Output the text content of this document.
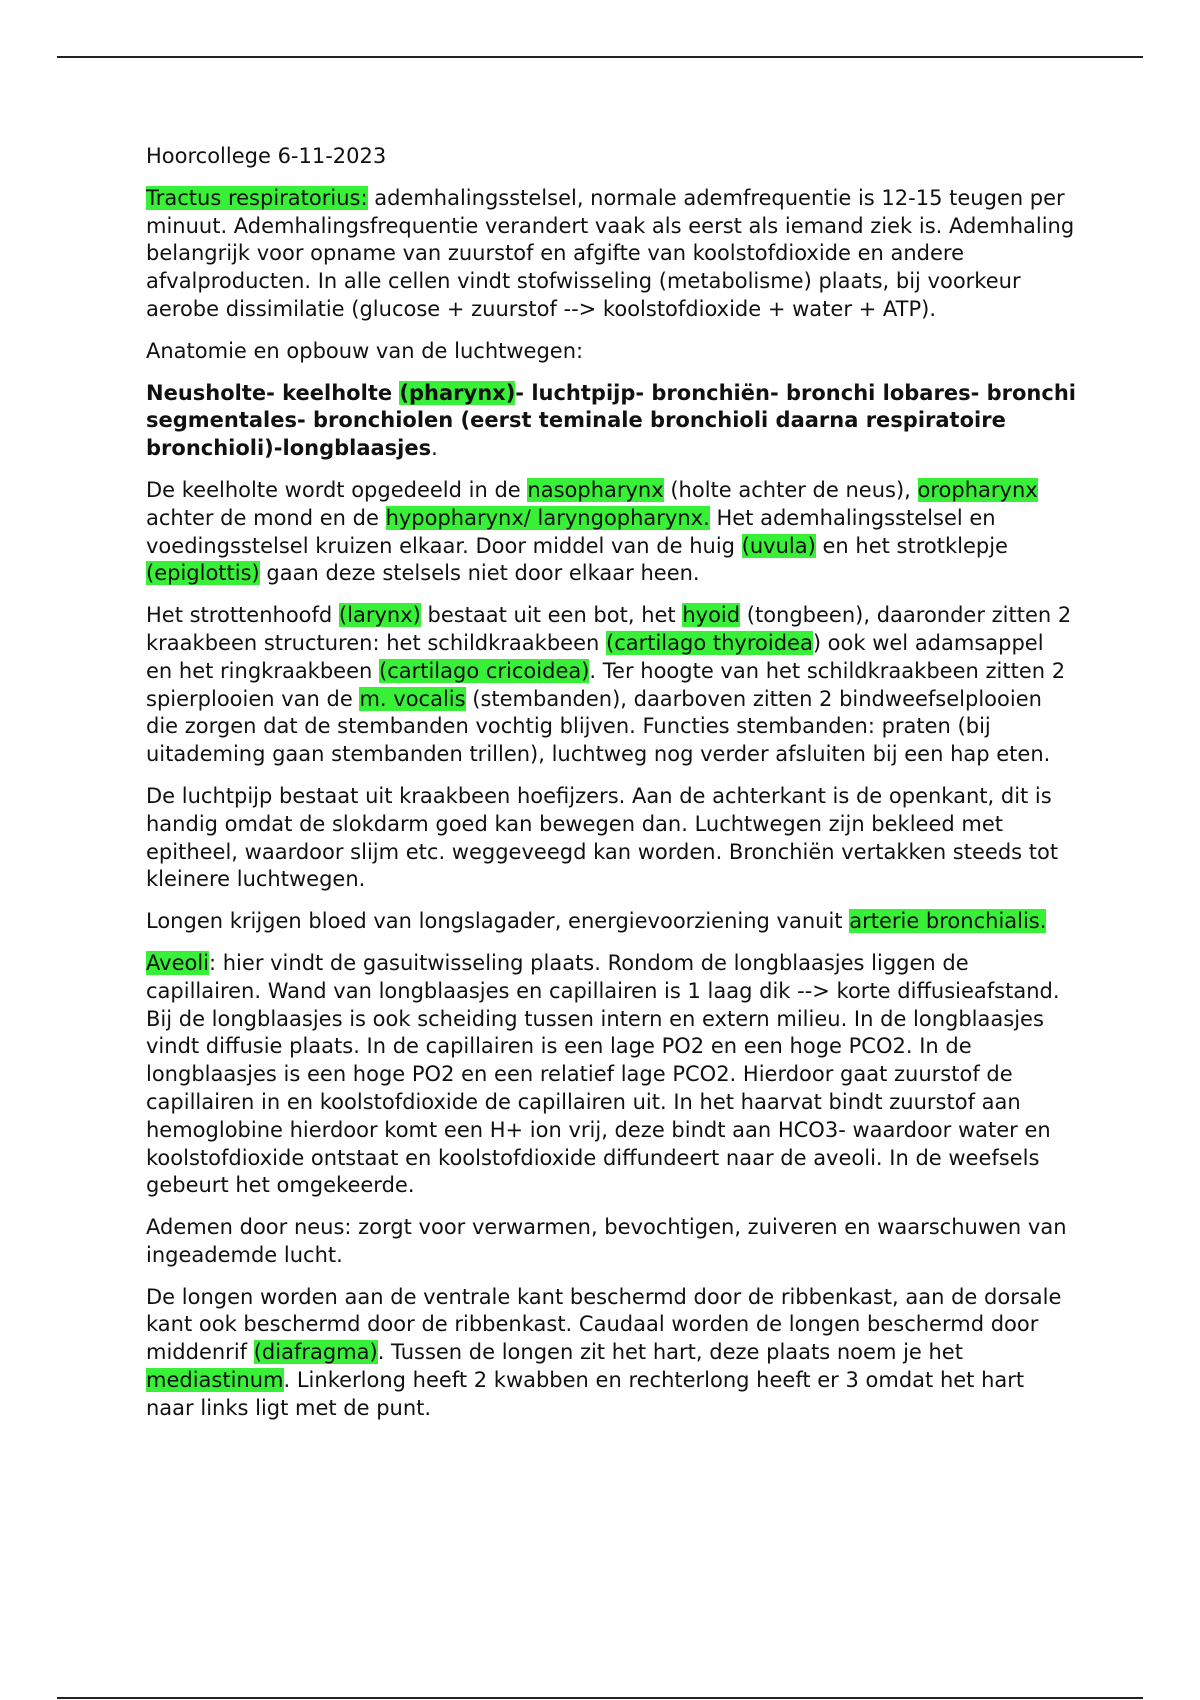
Hoorcollege 6-11-2023

Tractus respiratorius: ademhalingsstelsel, normale ademfrequentie is 12-15 teugen per minuut. Ademhalingsfrequentie verandert vaak als eerst als iemand ziek is. Ademhaling belangrijk voor opname van zuurstof en afgifte van koolstofdioxide en andere afvalproducten. In alle cellen vindt stofwisseling (metabolisme) plaats, bij voorkeur aerobe dissimilatie (glucose + zuurstof --> koolstofdioxide + water + ATP).

Anatomie en opbouw van de luchtwegen:

Neusholte- keelholte (pharynx)- luchtpijp- bronchiën- bronchi lobares- bronchi segmentales- bronchiolen (eerst teminale bronchioli daarna respiratoire bronchioli)-longblaasjes.

De keelholte wordt opgedeeld in de nasopharynx (holte achter de neus), oropharynx achter de mond en de hypopharynx/ laryngopharynx. Het ademhalingsstelsel en voedingsstelsel kruizen elkaar. Door middel van de huig (uvula) en het strotklepje (epiglottis) gaan deze stelsels niet door elkaar heen.

Het strottenhoofd (larynx) bestaat uit een bot, het hyoid (tongbeen), daaronder zitten 2 kraakbeen structuren: het schildkraakbeen (cartilago thyroidea) ook wel adamsappel en het ringkraakbeen (cartilago cricoidea). Ter hoogte van het schildkraakbeen zitten 2 spierplooien van de m. vocalis (stembanden), daarboven zitten 2 bindweefselplooien die zorgen dat de stembanden vochtig blijven. Functies stembanden: praten (bij uitademing gaan stembanden trillen), luchtweg nog verder afsluiten bij een hap eten.

De luchtpijp bestaat uit kraakbeen hoefijzers. Aan de achterkant is de openkant, dit is handig omdat de slokdarm goed kan bewegen dan. Luchtwegen zijn bekleed met epitheel, waardoor slijm etc. weggeveegd kan worden. Bronchiën vertakken steeds tot kleinere luchtwegen.

Longen krijgen bloed van longslagader, energievoorziening vanuit arterie bronchialis.

Aveoli: hier vindt de gasuitwisseling plaats. Rondom de longblaasjes liggen de capillairen. Wand van longblaasjes en capillairen is 1 laag dik --> korte diffusieafstand. Bij de longblaasjes is ook scheiding tussen intern en extern milieu. In de longblaasjes vindt diffusie plaats. In de capillairen is een lage PO2 en een hoge PCO2. In de longblaasjes is een hoge PO2 en een relatief lage PCO2. Hierdoor gaat zuurstof de capillairen in en koolstofdioxide de capillairen uit. In het haarvat bindt zuurstof aan hemoglobine hierdoor komt een H+ ion vrij, deze bindt aan HCO3- waardoor water en koolstofdioxide ontstaat en koolstofdioxide diffundeert naar de aveoli. In de weefsels gebeurt het omgekeerde.

Ademen door neus: zorgt voor verwarmen, bevochtigen, zuiveren en waarschuwen van ingeademde lucht.

De longen worden aan de ventrale kant beschermd door de ribbenkast, aan de dorsale kant ook beschermd door de ribbenkast. Caudaal worden de longen beschermd door middenrif (diafragma). Tussen de longen zit het hart, deze plaats noem je het mediastinum. Linkerlong heeft 2 kwabben en rechterlong heeft er 3 omdat het hart naar links ligt met de punt.
